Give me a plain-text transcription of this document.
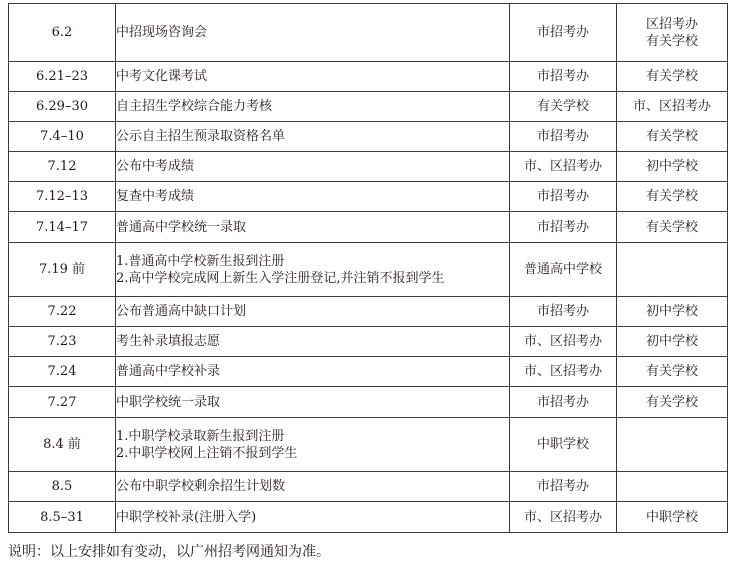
6.2	中招现场咨询会	市招考办	区招考办
有关学校

6.21–23	中考文化课考试	市招考办	有关学校

6.29–30	自主招生学校综合能力考核	有关学校	市、区招考办

7.4–10	公示自主招生预录取资格名单	市招考办	有关学校

7.12	公布中考成绩	市、区招考办	初中学校

7.12–13	复查中考成绩	市招考办	有关学校

7.14–17	普通高中学校统一录取	市招考办	有关学校

7.19 前	1.普通高中学校新生报到注册
2.高中学校完成网上新生入学注册登记,并注销不报到学生	普通高中学校	

7.22	公布普通高中缺口计划	市招考办	初中学校

7.23	考生补录填报志愿	市、区招考办	初中学校

7.24	普通高中学校补录	市、区招考办	有关学校

7.27	中职学校统一录取	市招考办	有关学校

8.4 前	1.中职学校录取新生报到注册
2.中职学校网上注销不报到学生	中职学校	

8.5	公布中职学校剩余招生计划数	市招考办	

8.5–31	中职学校补录(注册入学)	市、区招考办	中职学校
说明：以上安排如有变动，以广州招考网通知为准。
